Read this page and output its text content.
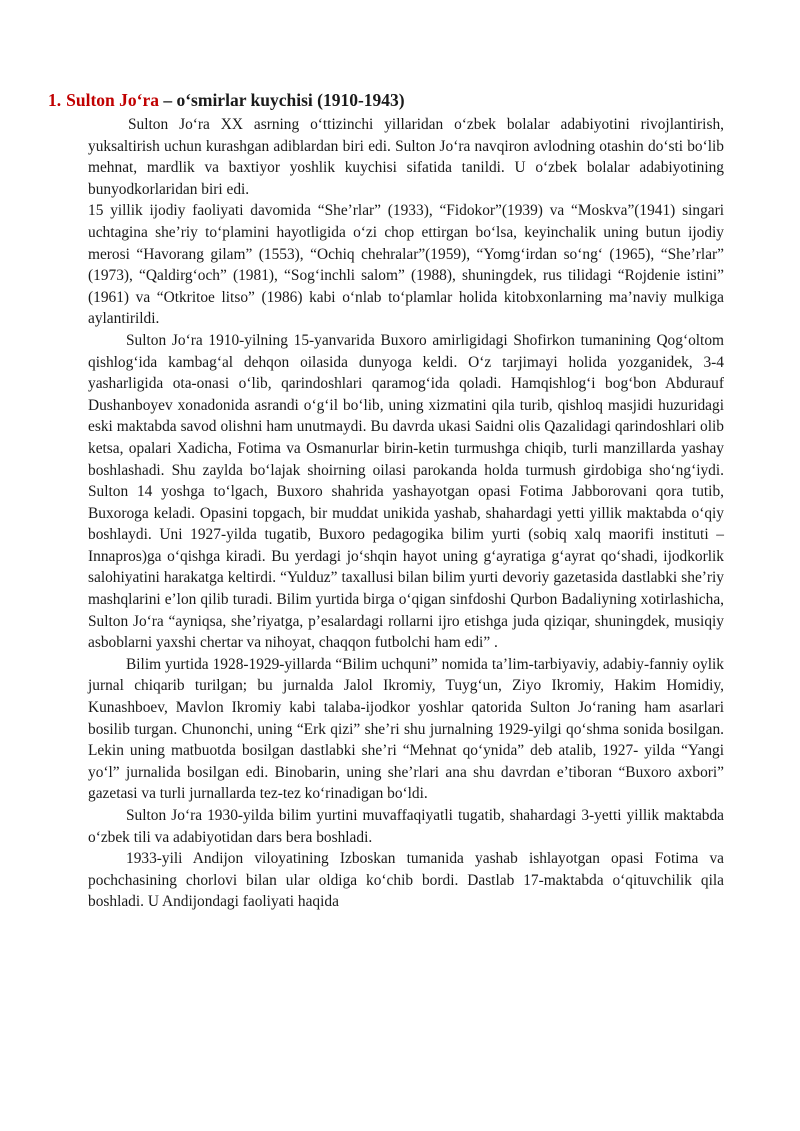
1. Sulton Jo‘ra – o‘smirlar kuychisi (1910-1943)

Sulton Jo‘ra XX asrning o‘ttizinchi yillaridan o‘zbek bolalar adabiyotini rivojlantirish, yuksaltirish uchun kurashgan adiblardan biri edi. Sulton Jo‘ra navqiron avlodning otashin do‘sti bo‘lib mehnat, mardlik va baxtiyor yoshlik kuychisi sifatida tanildi. U o‘zbek bolalar adabiyotining bunyodkorlaridan biri edi.

15 yillik ijodiy faoliyati davomida “She’rlar” (1933), “Fidokor”(1939) va “Moskva”(1941) singari uchtagina she’riy to‘plamini hayotligida o‘zi chop ettirgan bo‘lsa, keyinchalik uning butun ijodiy merosi “Havorang gilam” (1553), “Ochiq chehralar”(1959), “Yomg‘irdan so‘ng‘ (1965), “She’rlar” (1973), “Qaldirg‘och” (1981), “Sog‘inchli salom” (1988), shuningdek, rus tilidagi “Rojdenie istini” (1961) va “Otkritoe litso” (1986) kabi o‘nlab to‘plamlar holida kitobxonlarning ma’naviy mulkiga aylantirildi.

Sulton Jo‘ra 1910-yilning 15-yanvarida Buxoro amirligidagi Shofirkon tumanining Qog‘oltom qishlog‘ida kambag‘al dehqon oilasida dunyoga keldi. O‘z tarjimayi holida yozganidek, 3-4 yasharligida ota-onasi o‘lib, qarindoshlari qaramog‘ida qoladi. Hamqishlog‘i bog‘bon Abdurauf Dushanboyev xonadonida asrandi o‘g‘il bo‘lib, uning xizmatini qila turib, qishloq masjidi huzuridagi eski maktabda savod olishni ham unutmaydi. Bu davrda ukasi Saidni olis Qazalidagi qarindoshlari olib ketsa, opalari Xadicha, Fotima va Osmanurlar birin-ketin turmushga chiqib, turli manzillarda yashay boshlashadi. Shu zaylda bo‘lajak shoirning oilasi parokanda holda turmush girdobiga sho‘ng‘iydi. Sulton 14 yoshga to‘lgach, Buxoro shahrida yashayotgan opasi Fotima Jabborovani qora tutib, Buxoroga keladi. Opasini topgach, bir muddat unikida yashab, shahardagi yetti yillik maktabda o‘qiy boshlaydi. Uni 1927-yilda tugatib, Buxoro pedagogika bilim yurti (sobiq xalq maorifi instituti –Innapros)ga o‘qishga kiradi. Bu yerdagi jo‘shqin hayot uning g‘ayratiga g‘ayrat qo‘shadi, ijodkorlik salohiyatini harakatga keltirdi. “Yulduz” taxallusi bilan bilim yurti devoriy gazetasida dastlabki she’riy mashqlarini e’lon qilib turadi. Bilim yurtida birga o‘qigan sinfdoshi Qurbon Badaliyning xotirlashicha, Sulton Jo‘ra “ayniqsa, she’riyatga, p’esalardagi rollarni ijro etishga juda qiziqar, shuningdek, musiqiy asboblarni yaxshi chertar va nihoyat, chaqqon futbolchi ham edi” .

Bilim yurtida 1928-1929-yillarda “Bilim uchquni” nomida ta’lim-tarbiyaviy, adabiy-fanniy oylik jurnal chiqarib turilgan; bu jurnalda Jalol Ikromiy, Tuyg‘un, Ziyo Ikromiy, Hakim Homidiy, Kunashboev, Mavlon Ikromiy kabi talaba-ijodkor yoshlar qatorida Sulton Jo‘raning ham asarlari bosilib turgan. Chunonchi, uning “Erk qizi” she’ri shu jurnalning 1929-yilgi qo‘shma sonida bosilgan. Lekin uning matbuotda bosilgan dastlabki she’ri “Mehnat qo‘ynida” deb atalib, 1927- yilda “Yangi yo‘l” jurnalida bosilgan edi. Binobarin, uning she’rlari ana shu davrdan e’tiboran “Buxoro axbori” gazetasi va turli jurnallarda tez-tez ko‘rinadigan bo‘ldi.

Sulton Jo‘ra 1930-yilda bilim yurtini muvaffaqiyatli tugatib, shahardagi 3-yetti yillik maktabda o‘zbek tili va adabiyotidan dars bera boshladi.

1933-yili Andijon viloyatining Izboskan tumanida yashab ishlayotgan opasi Fotima va pochchasining chorlovi bilan ular oldiga ko‘chib bordi. Dastlab 17-maktabda o‘qituvchilik qila boshladi. U Andijondagi faoliyati haqida
